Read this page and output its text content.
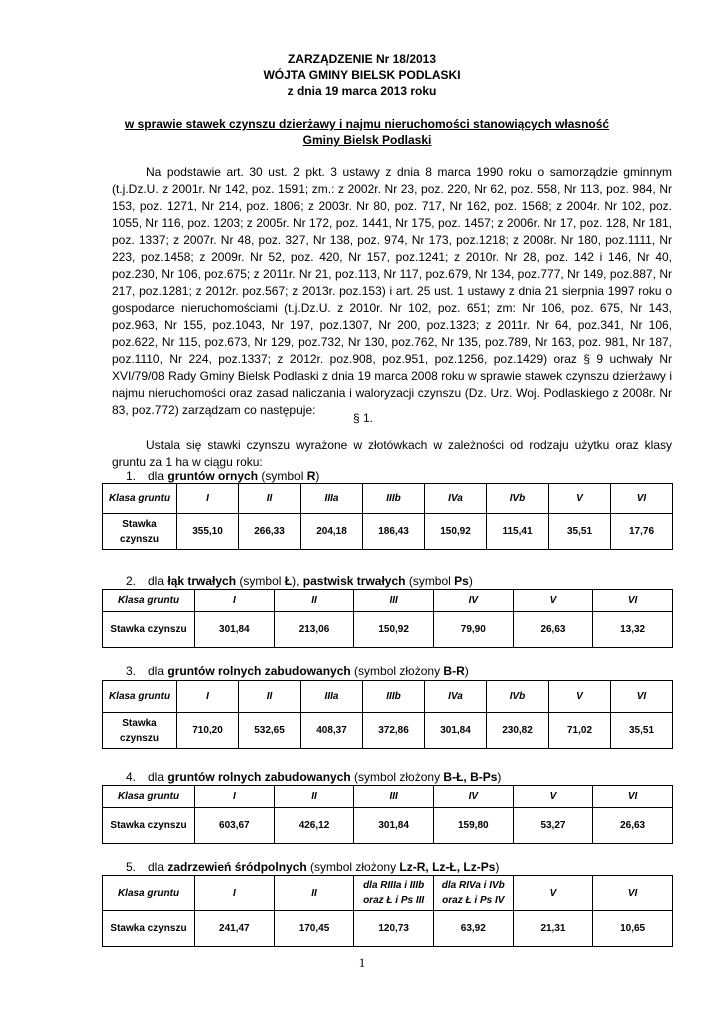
ZARZĄDZENIE Nr 18/2013
WÓJTA GMINY BIELSK PODLASKI
z dnia 19 marca 2013 roku
w sprawie stawek czynszu dzierżawy i najmu nieruchomości stanowiących własność Gminy Bielsk Podlaski

Na podstawie art. 30 ust. 2 pkt. 3 ustawy z dnia 8 marca 1990 roku o samorządzie gminnym (t.j.Dz.U. z 2001r. Nr 142, poz. 1591; zm.: z 2002r. Nr 23, poz. 220, Nr 62, poz. 558, Nr 113, poz. 984, Nr 153, poz. 1271, Nr 214, poz. 1806; z 2003r. Nr 80, poz. 717, Nr 162, poz. 1568; z 2004r. Nr 102, poz. 1055, Nr 116, poz. 1203; z 2005r. Nr 172, poz. 1441, Nr 175, poz. 1457; z 2006r. Nr 17, poz. 128, Nr 181, poz. 1337; z 2007r. Nr 48, poz. 327, Nr 138, poz. 974, Nr 173, poz.1218; z 2008r. Nr 180, poz.1111, Nr 223, poz.1458; z 2009r. Nr 52, poz. 420, Nr 157, poz.1241; z 2010r. Nr 28, poz. 142 i 146, Nr 40, poz.230, Nr 106, poz.675; z 2011r. Nr 21, poz.113, Nr 117, poz.679, Nr 134, poz.777, Nr 149, poz.887, Nr 217, poz.1281; z 2012r. poz.567; z 2013r. poz.153) i art. 25 ust. 1 ustawy z dnia 21 sierpnia 1997 roku o gospodarce nieruchomościami (t.j.Dz.U. z 2010r. Nr 102, poz. 651; zm: Nr 106, poz. 675, Nr 143, poz.963, Nr 155, poz.1043, Nr 197, poz.1307, Nr 200, poz.1323; z 2011r. Nr 64, poz.341, Nr 106, poz.622, Nr 115, poz.673, Nr 129, poz.732, Nr 130, poz.762, Nr 135, poz.789, Nr 163, poz. 981, Nr 187, poz.1110, Nr 224, poz.1337; z 2012r. poz.908, poz.951, poz.1256, poz.1429) oraz § 9 uchwały Nr XVI/79/08 Rady Gminy Bielsk Podlaski z dnia 19 marca 2008 roku w sprawie stawek czynszu dzierżawy i najmu nieruchomości oraz zasad naliczania i waloryzacji czynszu (Dz. Urz. Woj. Podlaskiego z 2008r. Nr 83, poz.772) zarządzam co następuje:

§ 1.

Ustala się stawki czynszu wyrażone w złotówkach w zależności od rodzaju użytku oraz klasy gruntu za 1 ha w ciągu roku:

1. dla gruntów ornych (symbol R)
Klasa gruntu	I	II	IIIa	IIIb	IVa	IVb	V	VI
Stawka czynszu	355,10	266,33	204,18	186,43	150,92	115,41	35,51	17,76
2. dla łąk trwałych (symbol Ł), pastwisk trwałych (symbol Ps)
Klasa gruntu	I	II	III	IV	V	VI
Stawka czynszu	301,84	213,06	150,92	79,90	26,63	13,32
3. dla gruntów rolnych zabudowanych (symbol złożony B-R)
Klasa gruntu	I	II	IIIa	IIIb	IVa	IVb	V	VI
Stawka czynszu	710,20	532,65	408,37	372,86	301,84	230,82	71,02	35,51
4. dla gruntów rolnych zabudowanych (symbol złożony B-Ł, B-Ps)
Klasa gruntu	I	II	III	IV	V	VI
Stawka czynszu	603,67	426,12	301,84	159,80	53,27	26,63
5. dla zadrzewień śródpolnych (symbol złożony Lz-R, Lz-Ł, Lz-Ps)
Klasa gruntu	I	II	dla RIIIa i IIIb oraz Ł i Ps III	dla RIVa i IVb oraz Ł i Ps IV	V	VI
Stawka czynszu	241,47	170,45	120,73	63,92	21,31	10,65
1
